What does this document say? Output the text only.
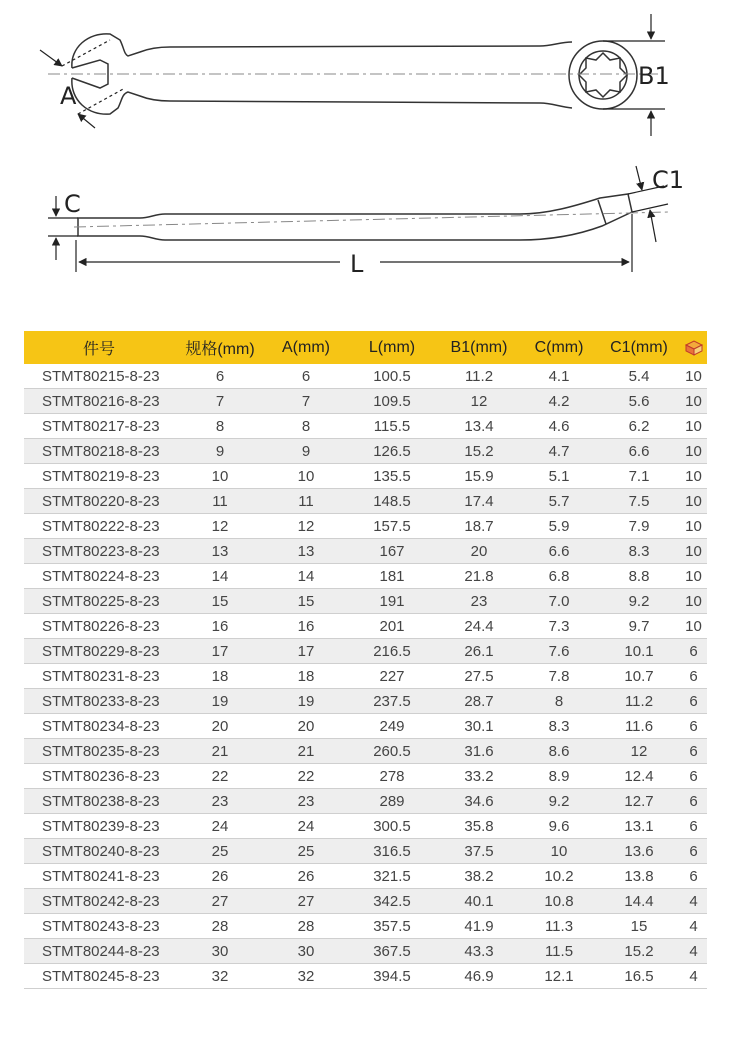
A
B1
C
C1
L
件号	规格(mm)	A(mm)	L(mm)	B1(mm)	C(mm)	C1(mm)	
STMT80215-8-23	6	6	100.5	11.2	4.1	5.4	10
STMT80216-8-23	7	7	109.5	12	4.2	5.6	10
STMT80217-8-23	8	8	115.5	13.4	4.6	6.2	10
STMT80218-8-23	9	9	126.5	15.2	4.7	6.6	10
STMT80219-8-23	10	10	135.5	15.9	5.1	7.1	10
STMT80220-8-23	11	11	148.5	17.4	5.7	7.5	10
STMT80222-8-23	12	12	157.5	18.7	5.9	7.9	10
STMT80223-8-23	13	13	167	20	6.6	8.3	10
STMT80224-8-23	14	14	181	21.8	6.8	8.8	10
STMT80225-8-23	15	15	191	23	7.0	9.2	10
STMT80226-8-23	16	16	201	24.4	7.3	9.7	10
STMT80229-8-23	17	17	216.5	26.1	7.6	10.1	6
STMT80231-8-23	18	18	227	27.5	7.8	10.7	6
STMT80233-8-23	19	19	237.5	28.7	8	11.2	6
STMT80234-8-23	20	20	249	30.1	8.3	11.6	6
STMT80235-8-23	21	21	260.5	31.6	8.6	12	6
STMT80236-8-23	22	22	278	33.2	8.9	12.4	6
STMT80238-8-23	23	23	289	34.6	9.2	12.7	6
STMT80239-8-23	24	24	300.5	35.8	9.6	13.1	6
STMT80240-8-23	25	25	316.5	37.5	10	13.6	6
STMT80241-8-23	26	26	321.5	38.2	10.2	13.8	6
STMT80242-8-23	27	27	342.5	40.1	10.8	14.4	4
STMT80243-8-23	28	28	357.5	41.9	11.3	15	4
STMT80244-8-23	30	30	367.5	43.3	11.5	15.2	4
STMT80245-8-23	32	32	394.5	46.9	12.1	16.5	4
